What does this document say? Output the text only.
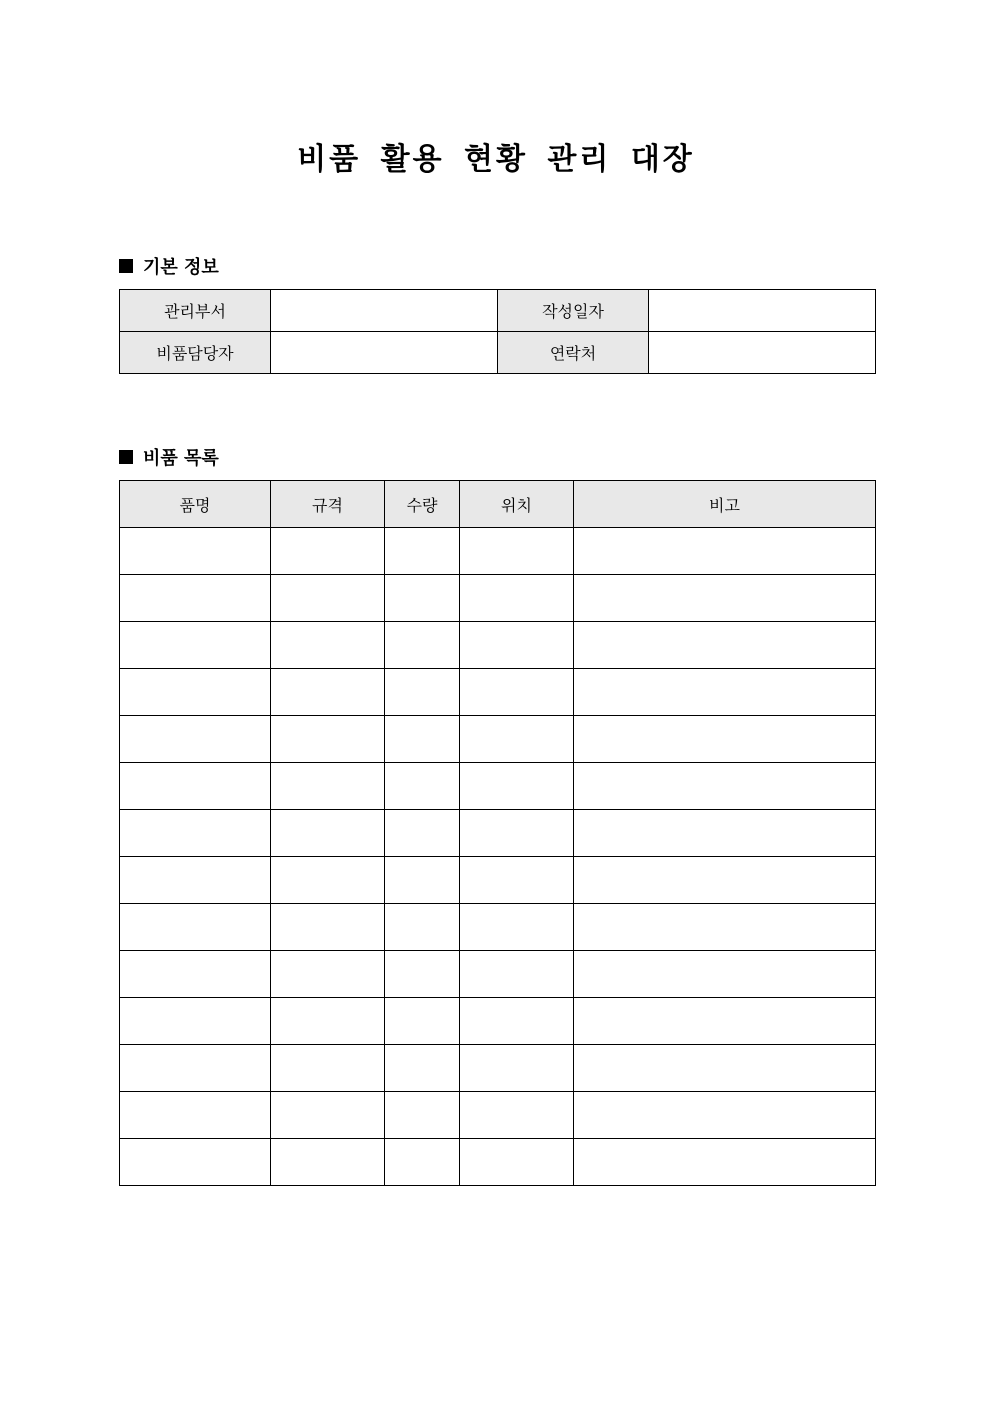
비품 활용 현황 관리 대장
기본 정보
관리부서		작성일자	
비품담당자		연락처	
비품 목록
품명	규격	수량	위치	비고
